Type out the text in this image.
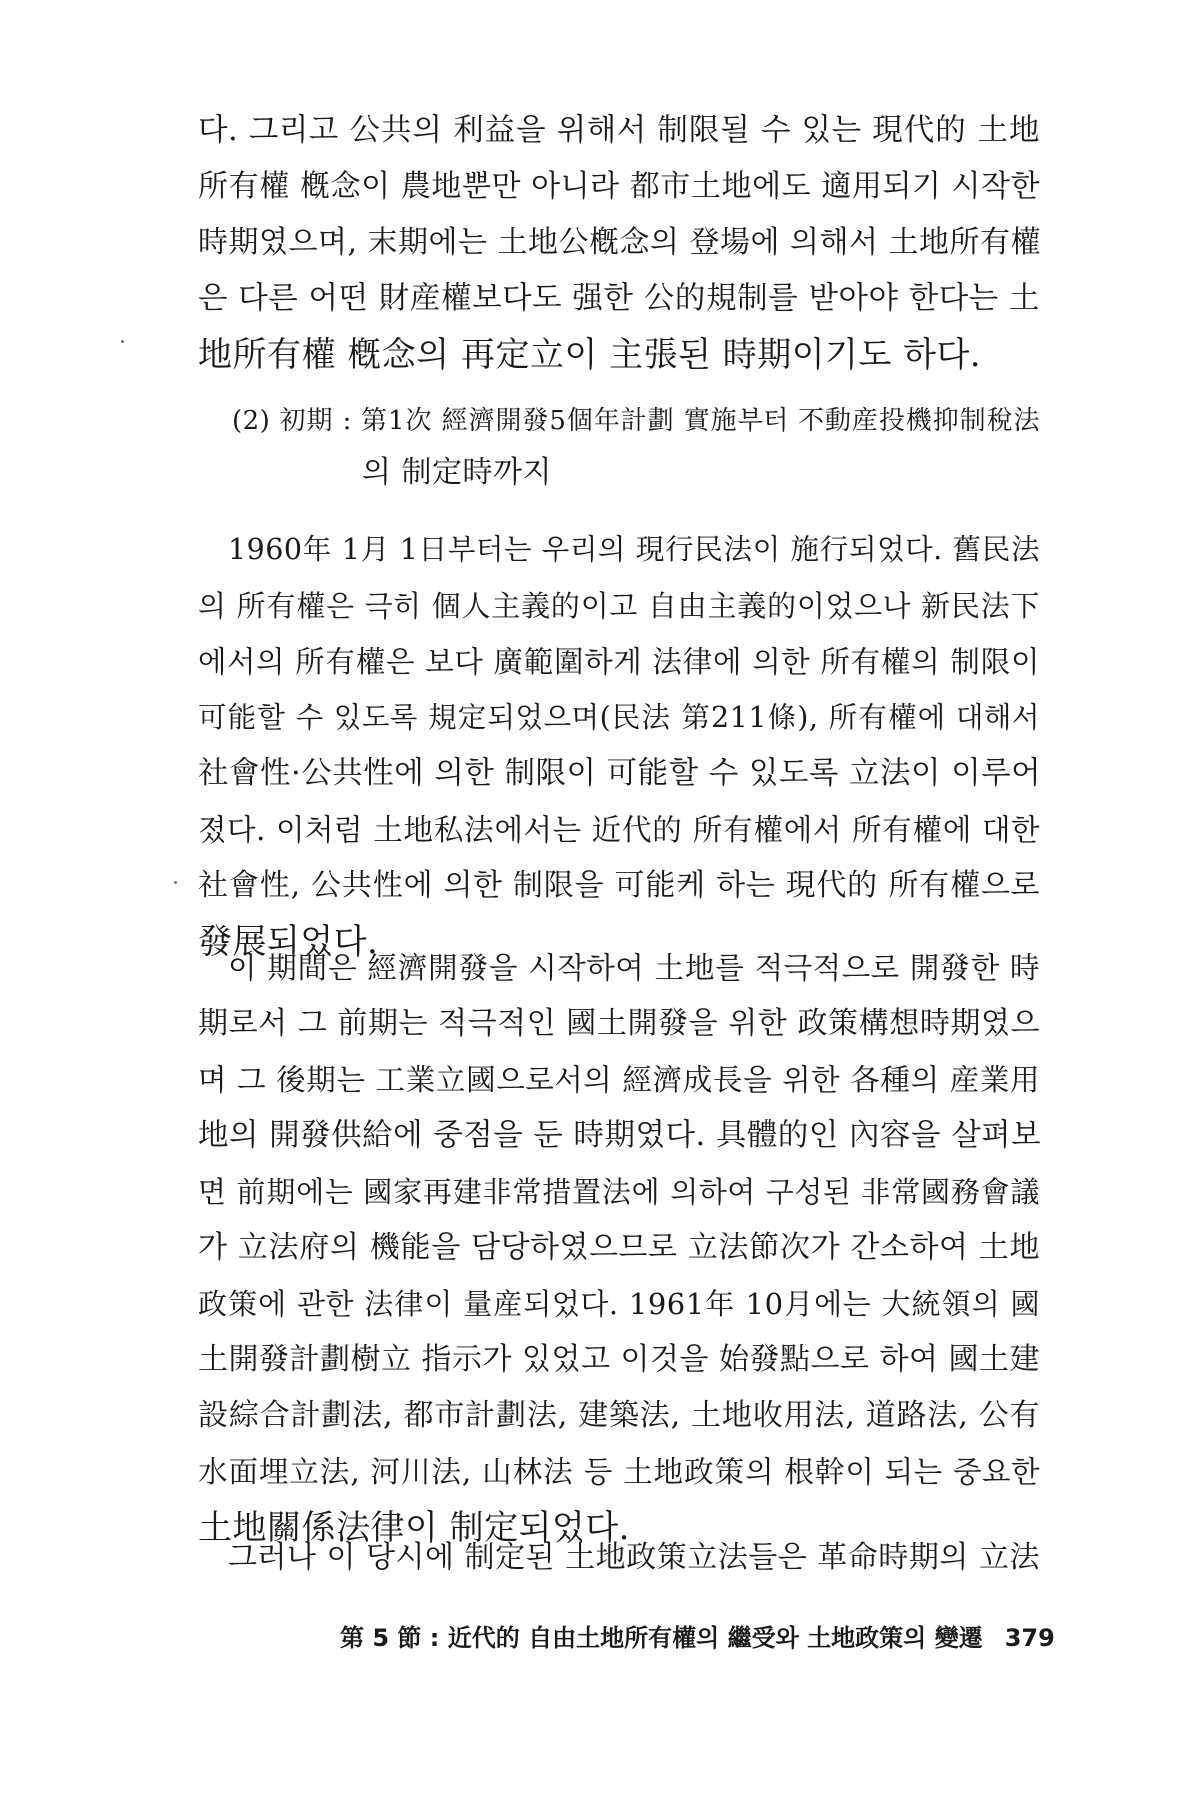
다. 그리고 公共의 利益을 위해서 制限될 수 있는 現代的 土地
所有權 槪念이 農地뿐만 아니라 都市土地에도 適用되기 시작한
時期였으며, 末期에는 土地公槪念의 登場에 의해서 土地所有權
은 다른 어떤 財産權보다도 强한 公的規制를 받아야 한다는 土
地所有權 槪念의 再定立이 主張된 時期이기도 하다.
(2) 初期 : 第1次 經濟開發5個年計劃 實施부터 不動産投機抑制稅法
의 制定時까지
1960年 1月 1日부터는 우리의 現行民法이 施行되었다. 舊民法
의 所有權은 극히 個人主義的이고 自由主義的이었으나 新民法下
에서의 所有權은 보다 廣範圍하게 法律에 의한 所有權의 制限이
可能할 수 있도록 規定되었으며(民法 第211條), 所有權에 대해서
社會性·公共性에 의한 制限이 可能할 수 있도록 立法이 이루어
졌다. 이처럼 土地私法에서는 近代的 所有權에서 所有權에 대한
社會性, 公共性에 의한 制限을 可能케 하는 現代的 所有權으로
發展되었다.
이 期間은 經濟開發을 시작하여 土地를 적극적으로 開發한 時
期로서 그 前期는 적극적인 國土開發을 위한 政策構想時期였으
며 그 後期는 工業立國으로서의 經濟成長을 위한 各種의 産業用
地의 開發供給에 중점을 둔 時期였다. 具體的인 內容을 살펴보
면 前期에는 國家再建非常措置法에 의하여 구성된 非常國務會議
가 立法府의 機能을 담당하였으므로 立法節次가 간소하여 土地
政策에 관한 法律이 量産되었다. 1961年 10月에는 大統領의 國
土開發計劃樹立 指示가 있었고 이것을 始發點으로 하여 國土建
設綜合計劃法, 都市計劃法, 建築法, 土地收用法, 道路法, 公有
水面埋立法, 河川法, 山林法 등 土地政策의 根幹이 되는 중요한
土地關係法律이 制定되었다.
그러나 이 당시에 制定된 土地政策立法들은 革命時期의 立法
第 5 節 : 近代的 自由土地所有權의 繼受와 土地政策의 變遷 379
